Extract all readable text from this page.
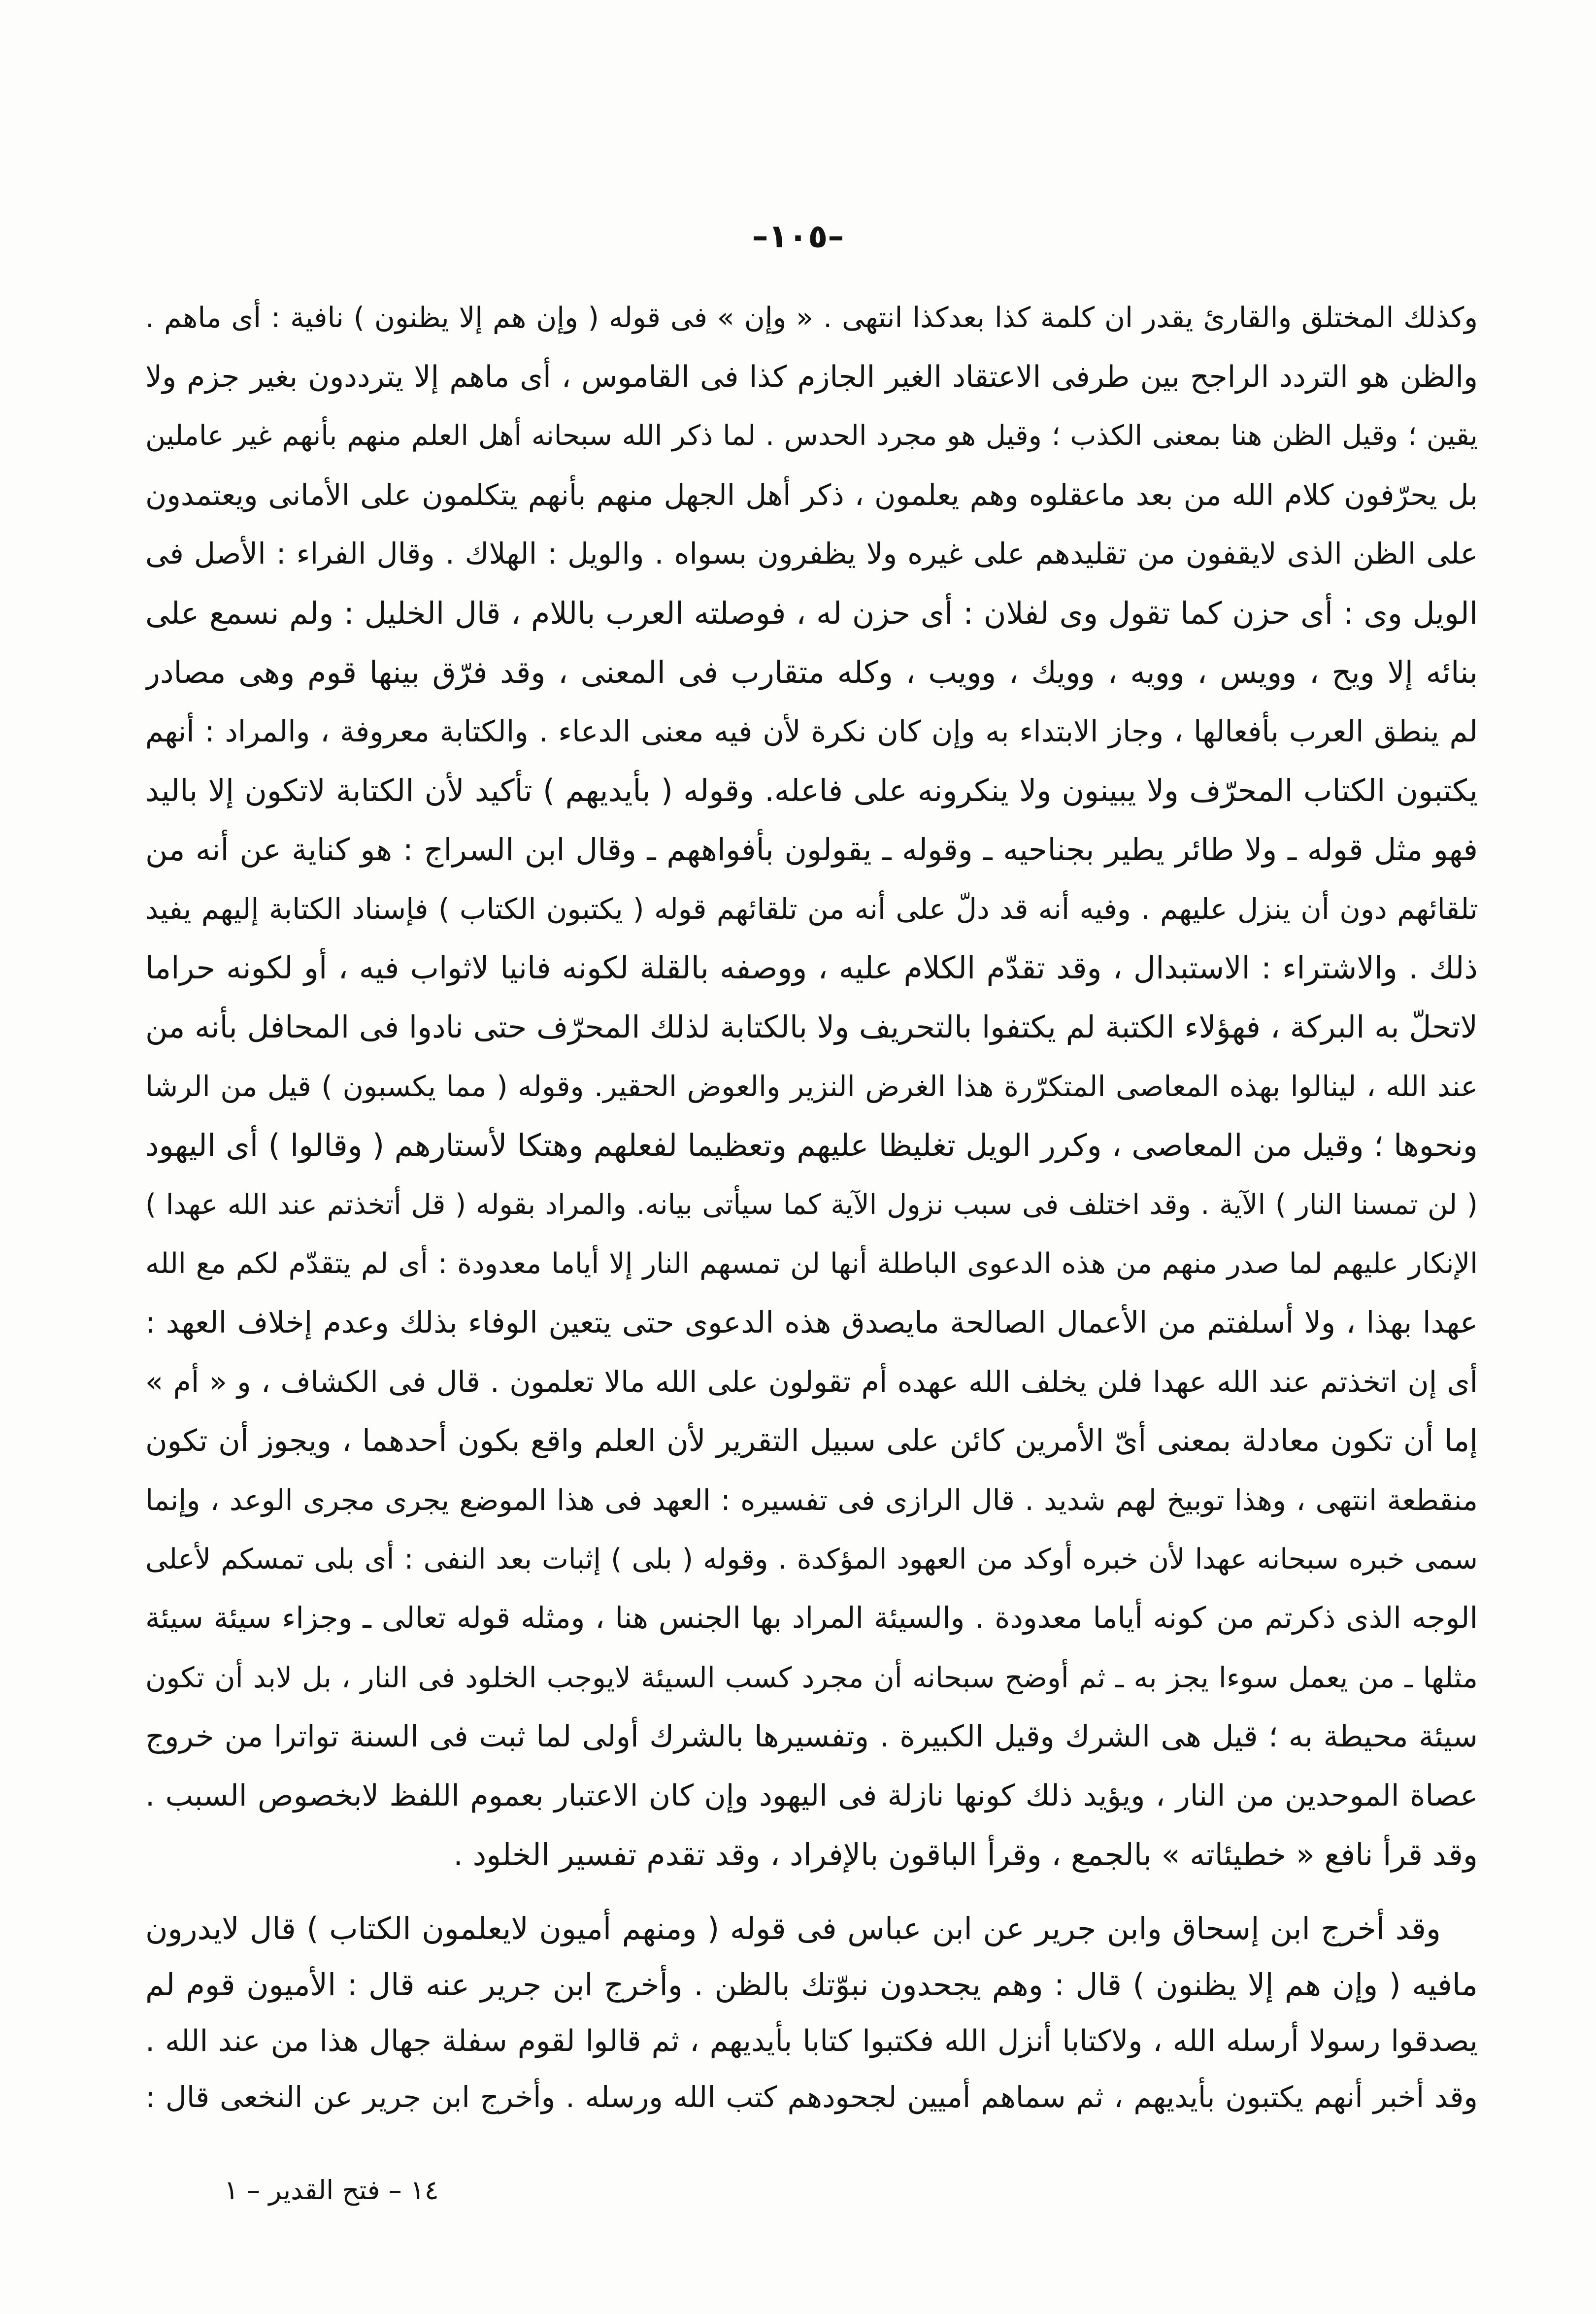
–١٠٥–
وكذلك المختلق والقارئ يقدر ان كلمة كذا بعدكذا انتهى . « وإن » فى قوله ( وإن هم إلا يظنون ) نافية : أى ماهم .
والظن هو التردد الراجح بين طرفى الاعتقاد الغير الجازم كذا فى القاموس ، أى ماهم إلا يترددون بغير جزم ولا
يقين ؛ وقيل الظن هنا بمعنى الكذب ؛ وقيل هو مجرد الحدس . لما ذكر الله سبحانه أهل العلم منهم بأنهم غير عاملين
بل يحرّفون كلام الله من بعد ماعقلوه وهم يعلمون ، ذكر أهل الجهل منهم بأنهم يتكلمون على الأمانى ويعتمدون
على الظن الذى لايقفون من تقليدهم على غيره ولا يظفرون بسواه . والويل : الهلاك . وقال الفراء : الأصل فى
الويل وى : أى حزن كما تقول وى لفلان : أى حزن له ، فوصلته العرب باللام ، قال الخليل : ولم نسمع على
بنائه إلا ويح ، وويس ، وويه ، وويك ، وويب ، وكله متقارب فى المعنى ، وقد فرّق بينها قوم وهى مصادر
لم ينطق العرب بأفعالها ، وجاز الابتداء به وإن كان نكرة لأن فيه معنى الدعاء . والكتابة معروفة ، والمراد : أنهم
يكتبون الكتاب المحرّف ولا يبينون ولا ينكرونه على فاعله. وقوله ( بأيديهم ) تأكيد لأن الكتابة لاتكون إلا باليد
فهو مثل قوله ـ ولا طائر يطير بجناحيه ـ وقوله ـ يقولون بأفواههم ـ وقال ابن السراج : هو كناية عن أنه من
تلقائهم دون أن ينزل عليهم . وفيه أنه قد دلّ على أنه من تلقائهم قوله ( يكتبون الكتاب ) فإسناد الكتابة إليهم يفيد
ذلك . والاشتراء : الاستبدال ، وقد تقدّم الكلام عليه ، ووصفه بالقلة لكونه فانيا لاثواب فيه ، أو لكونه حراما
لاتحلّ به البركة ، فهؤلاء الكتبة لم يكتفوا بالتحريف ولا بالكتابة لذلك المحرّف حتى نادوا فى المحافل بأنه من
عند الله ، لينالوا بهذه المعاصى المتكرّرة هذا الغرض النزير والعوض الحقير. وقوله ( مما يكسبون ) قيل من الرشا
ونحوها ؛ وقيل من المعاصى ، وكرر الويل تغليظا عليهم وتعظيما لفعلهم وهتكا لأستارهم ( وقالوا ) أى اليهود
( لن تمسنا النار ) الآية . وقد اختلف فى سبب نزول الآية كما سيأتى بيانه. والمراد بقوله ( قل أتخذتم عند الله عهدا )
الإنكار عليهم لما صدر منهم من هذه الدعوى الباطلة أنها لن تمسهم النار إلا أياما معدودة : أى لم يتقدّم لكم مع الله
عهدا بهذا ، ولا أسلفتم من الأعمال الصالحة مايصدق هذه الدعوى حتى يتعين الوفاء بذلك وعدم إخلاف العهد :
أى إن اتخذتم عند الله عهدا فلن يخلف الله عهده أم تقولون على الله مالا تعلمون . قال فى الكشاف ، و « أم »
إما أن تكون معادلة بمعنى أىّ الأمرين كائن على سبيل التقرير لأن العلم واقع بكون أحدهما ، ويجوز أن تكون
منقطعة انتهى ، وهذا توبيخ لهم شديد . قال الرازى فى تفسيره : العهد فى هذا الموضع يجرى مجرى الوعد ، وإنما
سمى خبره سبحانه عهدا لأن خبره أوكد من العهود المؤكدة . وقوله ( بلى ) إثبات بعد النفى : أى بلى تمسكم لأعلى
الوجه الذى ذكرتم من كونه أياما معدودة . والسيئة المراد بها الجنس هنا ، ومثله قوله تعالى ـ وجزاء سيئة سيئة
مثلها ـ من يعمل سوءا يجز به ـ ثم أوضح سبحانه أن مجرد كسب السيئة لايوجب الخلود فى النار ، بل لابد أن تكون
سيئة محيطة به ؛ قيل هى الشرك وقيل الكبيرة . وتفسيرها بالشرك أولى لما ثبت فى السنة تواترا من خروج
عصاة الموحدين من النار ، ويؤيد ذلك كونها نازلة فى اليهود وإن كان الاعتبار بعموم اللفظ لابخصوص السبب .
وقد قرأ نافع « خطيئاته » بالجمع ، وقرأ الباقون بالإفراد ، وقد تقدم تفسير الخلود .
وقد أخرج ابن إسحاق وابن جرير عن ابن عباس فى قوله ( ومنهم أميون لايعلمون الكتاب ) قال لايدرون
مافيه ( وإن هم إلا يظنون ) قال : وهم يجحدون نبوّتك بالظن . وأخرج ابن جرير عنه قال : الأميون قوم لم
يصدقوا رسولا أرسله الله ، ولاكتابا أنزل الله فكتبوا كتابا بأيديهم ، ثم قالوا لقوم سفلة جهال هذا من عند الله .
وقد أخبر أنهم يكتبون بأيديهم ، ثم سماهم أميين لجحودهم كتب الله ورسله . وأخرج ابن جرير عن النخعى قال :
١٤ – فتح القدير – ١
